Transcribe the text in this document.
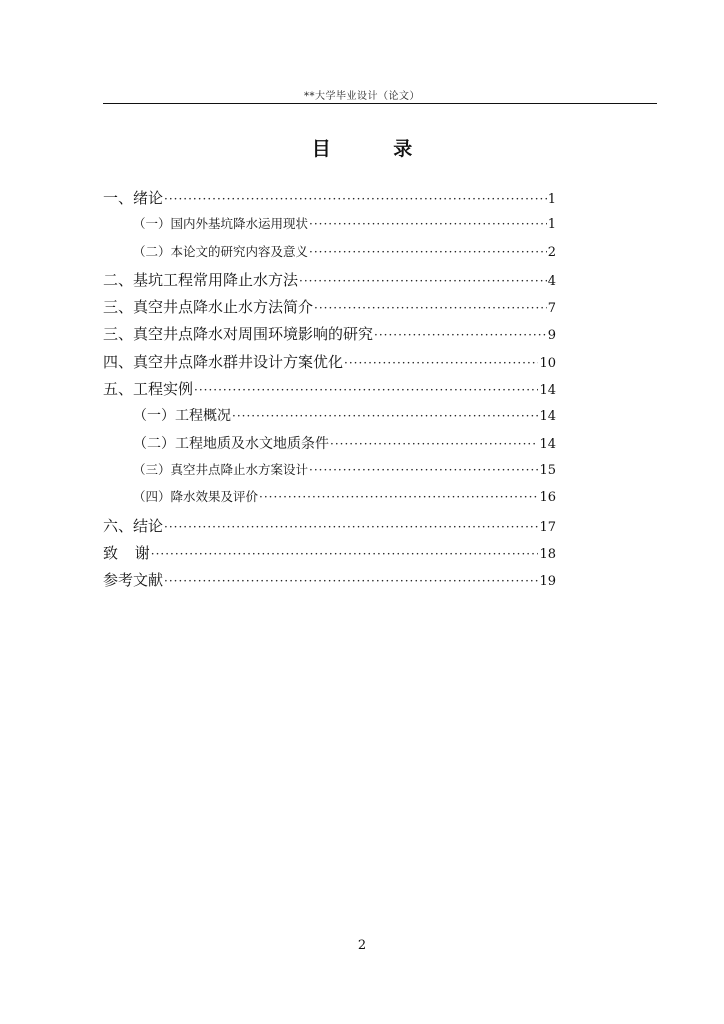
**大学毕业设计（论文）
目 录
一、绪论 ·····	1
（一）国内外基坑降水运用现状 ·····	1
（二）本论文的研究内容及意义 ·····	2
二、基坑工程常用降止水方法 ·····	4
三、真空井点降水止水方法简介 ·····	7
三、真空井点降水对周围环境影响的研究 ·····	9
四、真空井点降水群井设计方案优化 ·····	10
五、工程实例 ·····	14
（一）工程概况 ·····	14
（二）工程地质及水文地质条件 ·····	14
（三）真空井点降止水方案设计 ·····	15
（四）降水效果及评价 ·····	16
六、结论 ·····	17
致 谢 ·····	18
参考文献 ·····	19
2
